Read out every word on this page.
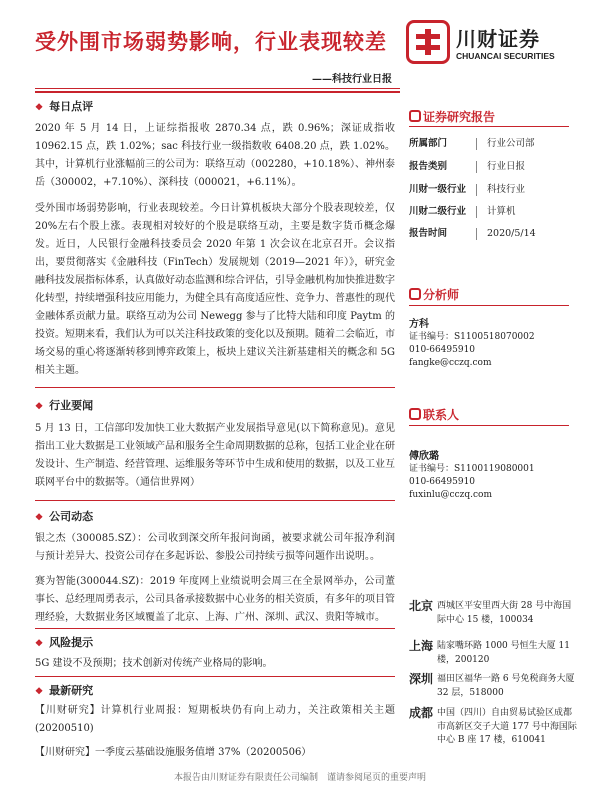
受外围市场弱势影响，行业表现较差
——科技行业日报
川财证券
CHUANCAI SECURITIES
❖ 每日点评
2020 年 5 月 14 日，上证综指报收 2870.34 点，跌 0.96%；深证成指收 10962.15 点，跌 1.02%；sac 科技行业一级指数收 6408.20 点，跌 1.02%。其中，计算机行业涨幅前三的公司为：联络互动（002280，+10.18%）、神州泰岳（300002，+7.10%）、深科技（000021，+6.11%）。
受外围市场弱势影响，行业表现较差。今日计算机板块大部分个股表现较差，仅 20%左右个股上涨。表现相对较好的个股是联络互动，主要是数字货币概念爆发。近日，人民银行金融科技委员会 2020 年第 1 次会议在北京召开。会议指出，要贯彻落实《金融科技（FinTech）发展规划（2019—2021 年）》，研究金融科技发展指标体系，认真做好动态监测和综合评估，引导金融机构加快推进数字化转型，持续增强科技应用能力，为健全具有高度适应性、竞争力、普惠性的现代金融体系贡献力量。联络互动为公司 Newegg 参与了比特大陆和印度 Paytm 的投资。短期来看，我们认为可以关注科技政策的变化以及预期。随着二会临近，市场交易的重心将逐渐转移到博弈政策上，板块上建议关注新基建相关的概念和 5G 相关主题。
❖ 行业要闻
5 月 13 日，工信部印发加快工业大数据产业发展指导意见(以下简称意见)。意见指出工业大数据是工业领域产品和服务全生命周期数据的总称，包括工业企业在研发设计、生产制造、经营管理、运维服务等环节中生成和使用的数据，以及工业互联网平台中的数据等。（通信世界网）
❖ 公司动态
银之杰（300085.SZ）：公司收到深交所年报问询函，被要求就公司年报净利润与预计差异大、投资公司存在多起诉讼、参股公司持续亏损等问题作出说明。。
赛为智能(300044.SZ)：2019 年度网上业绩说明会周三在全景网举办，公司董事长、总经理周勇表示，公司具备承接数据中心业务的相关资质，有多年的项目管理经验，大数据业务区域覆盖了北京、上海、广州、深圳、武汉、贵阳等城市。
❖ 风险提示
5G 建设不及预期；技术创新对传统产业格局的影响。
❖ 最新研究
【川财研究】计算机行业周报：短期板块仍有向上动力，关注政策相关主题(20200510)
【川财研究】一季度云基础设施服务值增 37%（20200506）
证券研究报告
所属部门	行业公司部
报告类别	行业日报
川财一级行业 科技行业
川财二级行业 计算机
报告时间	2020/5/14
分析师
方科
证书编号：S1100518070002
010-66495910
fangke@cczq.com
联系人
傅欣璐
证书编号：S1100119080001
010-66495910
fuxinlu@cczq.com
北京 西城区平安里西大街 28 号中海国际中心 15 楼，100034
上海 陆家嘴环路 1000 号恒生大厦 11 楼，200120
深圳 福田区福华一路 6 号免税商务大厦 32 层，518000
成都 中国（四川）自由贸易试验区成都市高新区交子大道 177 号中海国际中心 B 座 17 楼，610041
本报告由川财证券有限责任公司编制　谨请参阅尾页的重要声明
